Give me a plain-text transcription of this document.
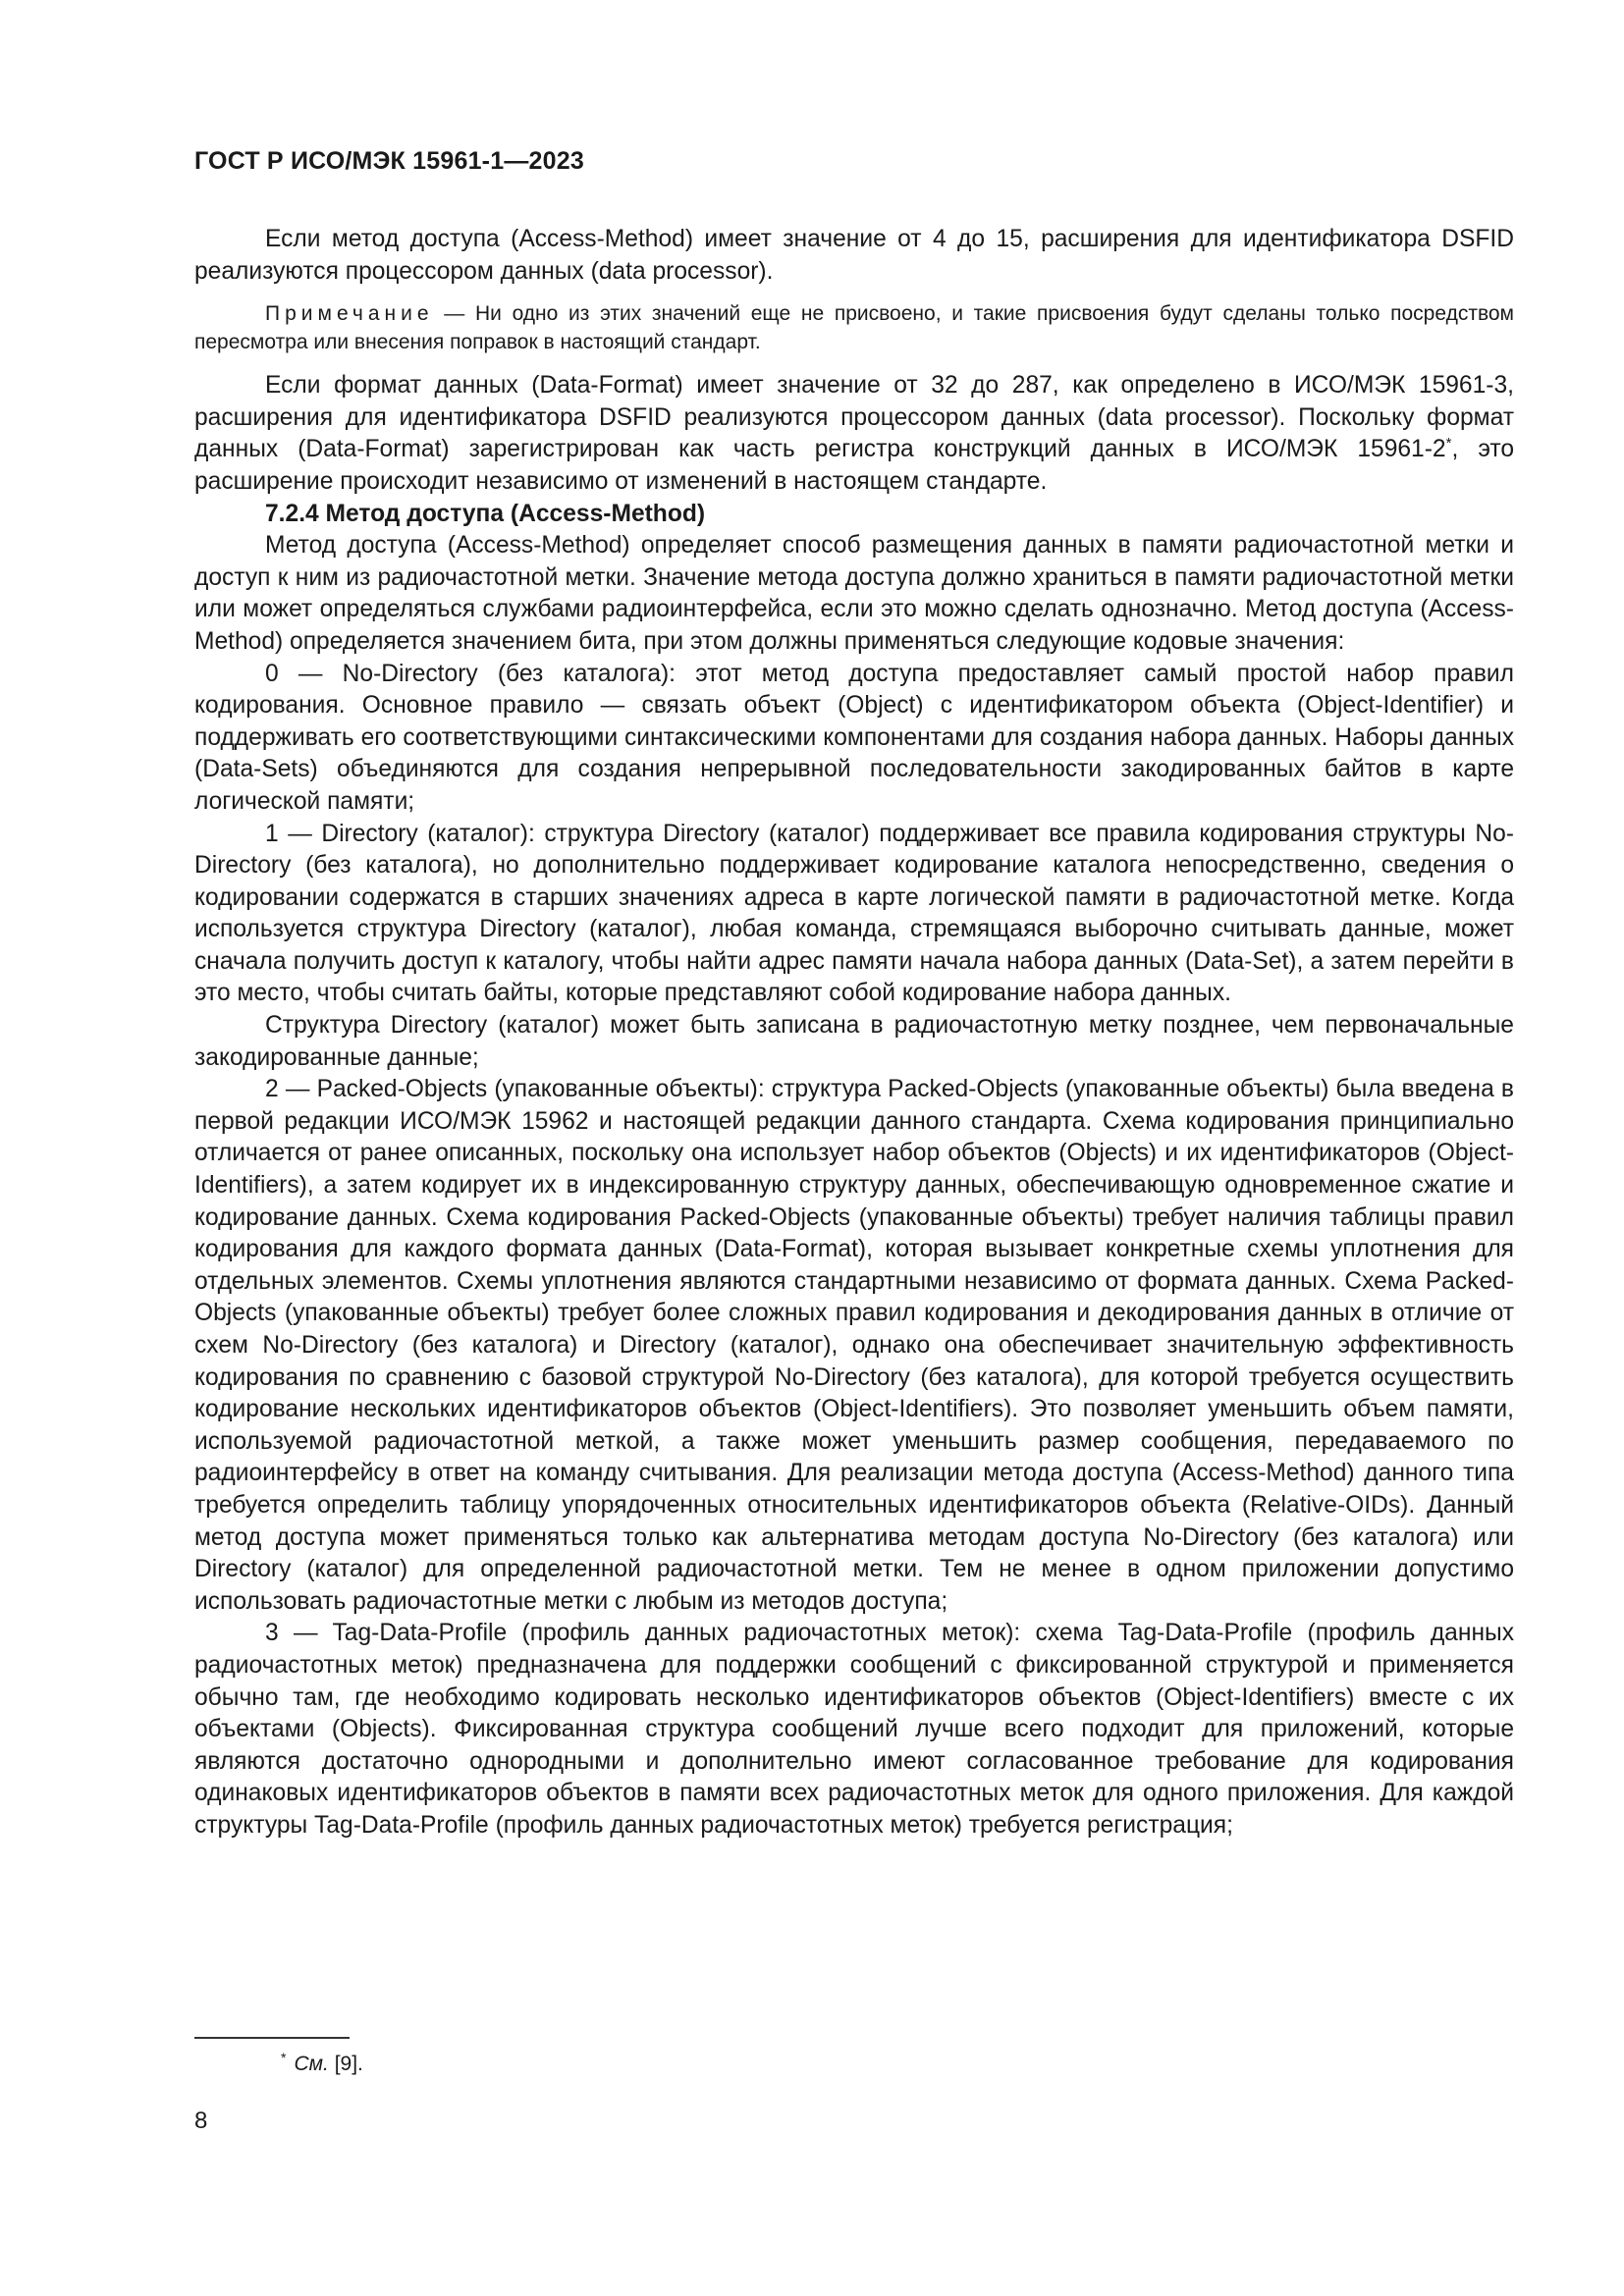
ГОСТ Р ИСО/МЭК 15961-1—2023

Если метод доступа (Access-Method) имеет значение от 4 до 15, расширения для идентификатора DSFID реализуются процессором данных (data processor).

Примечание — Ни одно из этих значений еще не присвоено, и такие присвоения будут сделаны только посредством пересмотра или внесения поправок в настоящий стандарт.

Если формат данных (Data-Format) имеет значение от 32 до 287, как определено в ИСО/МЭК 15961-3, расширения для идентификатора DSFID реализуются процессором данных (data processor). Поскольку формат данных (Data-Format) зарегистрирован как часть регистра конструкций данных в ИСО/МЭК 15961-2*, это расширение происходит независимо от изменений в настоящем стандарте.

7.2.4 Метод доступа (Access-Method)

Метод доступа (Access-Method) определяет способ размещения данных в памяти радиочастотной метки и доступ к ним из радиочастотной метки. Значение метода доступа должно храниться в памяти радиочастотной метки или может определяться службами радиоинтерфейса, если это можно сделать однозначно. Метод доступа (Access-Method) определяется значением бита, при этом должны применяться следующие кодовые значения:

0 — No-Directory (без каталога): этот метод доступа предоставляет самый простой набор правил кодирования. Основное правило — связать объект (Object) с идентификатором объекта (Object-Identifier) и поддерживать его соответствующими синтаксическими компонентами для создания набора данных. Наборы данных (Data-Sets) объединяются для создания непрерывной последовательности закодированных байтов в карте логической памяти;

1 — Directory (каталог): структура Directory (каталог) поддерживает все правила кодирования структуры No-Directory (без каталога), но дополнительно поддерживает кодирование каталога непосредственно, сведения о кодировании содержатся в старших значениях адреса в карте логической памяти в радиочастотной метке. Когда используется структура Directory (каталог), любая команда, стремящаяся выборочно считывать данные, может сначала получить доступ к каталогу, чтобы найти адрес памяти начала набора данных (Data-Set), а затем перейти в это место, чтобы считать байты, которые представляют собой кодирование набора данных.

Структура Directory (каталог) может быть записана в радиочастотную метку позднее, чем первоначальные закодированные данные;

2 — Packed-Objects (упакованные объекты): структура Packed-Objects (упакованные объекты) была введена в первой редакции ИСО/МЭК 15962 и настоящей редакции данного стандарта. Схема кодирования принципиально отличается от ранее описанных, поскольку она использует набор объектов (Objects) и их идентификаторов (Object-Identifiers), а затем кодирует их в индексированную структуру данных, обеспечивающую одновременное сжатие и кодирование данных. Схема кодирования Packed-Objects (упакованные объекты) требует наличия таблицы правил кодирования для каждого формата данных (Data-Format), которая вызывает конкретные схемы уплотнения для отдельных элементов. Схемы уплотнения являются стандартными независимо от формата данных. Схема Packed-Objects (упакованные объекты) требует более сложных правил кодирования и декодирования данных в отличие от схем No-Directory (без каталога) и Directory (каталог), однако она обеспечивает значительную эффективность кодирования по сравнению с базовой структурой No-Directory (без каталога), для которой требуется осуществить кодирование нескольких идентификаторов объектов (Object-Identifiers). Это позволяет уменьшить объем памяти, используемой радиочастотной меткой, а также может уменьшить размер сообщения, передаваемого по радиоинтерфейсу в ответ на команду считывания. Для реализации метода доступа (Access-Method) данного типа требуется определить таблицу упорядоченных относительных идентификаторов объекта (Relative-OIDs). Данный метод доступа может применяться только как альтернатива методам доступа No-Directory (без каталога) или Directory (каталог) для определенной радиочастотной метки. Тем не менее в одном приложении допустимо использовать радиочастотные метки с любым из методов доступа;

3 — Tag-Data-Profile (профиль данных радиочастотных меток): схема Tag-Data-Profile (профиль данных радиочастотных меток) предназначена для поддержки сообщений с фиксированной структурой и применяется обычно там, где необходимо кодировать несколько идентификаторов объектов (Object-Identifiers) вместе с их объектами (Objects). Фиксированная структура сообщений лучше всего подходит для приложений, которые являются достаточно однородными и дополнительно имеют согласованное требование для кодирования одинаковых идентификаторов объектов в памяти всех радиочастотных меток для одного приложения. Для каждой структуры Tag-Data-Profile (профиль данных радиочастотных меток) требуется регистрация;

* См. [9].
8
